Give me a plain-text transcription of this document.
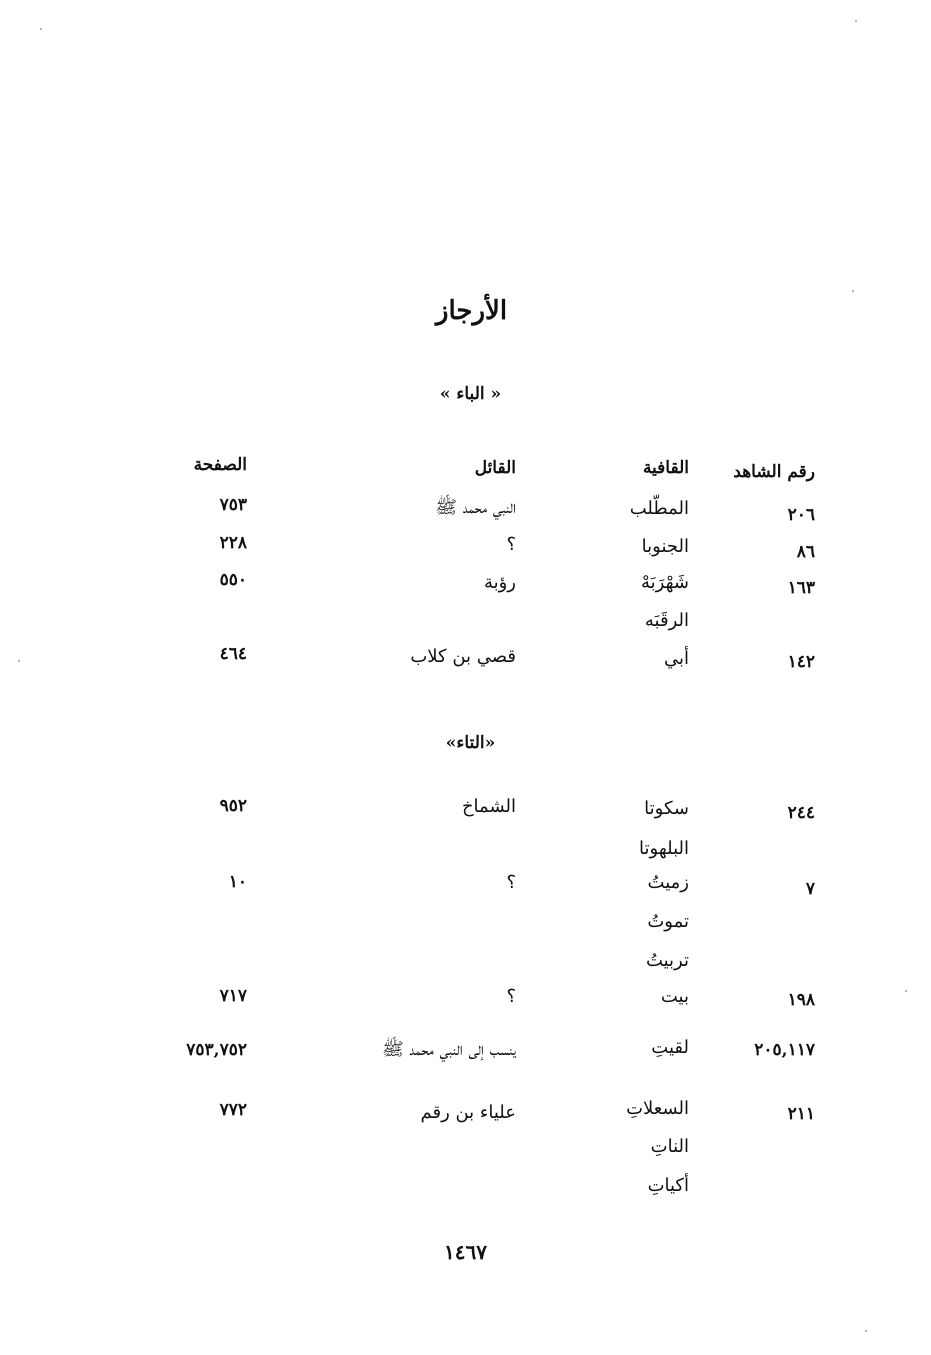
الأرجاز
« الباء »
رقم الشاهد
القافية
القائل
الصفحة
٢٠٦
المطّلب
النبي محمد ﷺ
٧٥٣
٨٦
الجنوبا
؟
٢٢٨
١٦٣
شَهْرَبَهْ
رؤبة
٥٥٠
الرقَبَه
١٤٢
أبي
قصي بن كلاب
٤٦٤
«التاء»
٢٤٤
سكوتا
الشماخ
٩٥٢
البلهوتا
٧
زميتُ
؟
١٠
تموتُ
تربيتُ
١٩٨
بيت
؟
٧١٧
٢٠٥,١١٧
لقيتِ
ينسب إلى النبي محمد ﷺ
٧٥٣,٧٥٢
٢١١
السعلاتِ
علياء بن رقم
٧٧٢
الناتِ
أكياتِ
١٤٦٧
